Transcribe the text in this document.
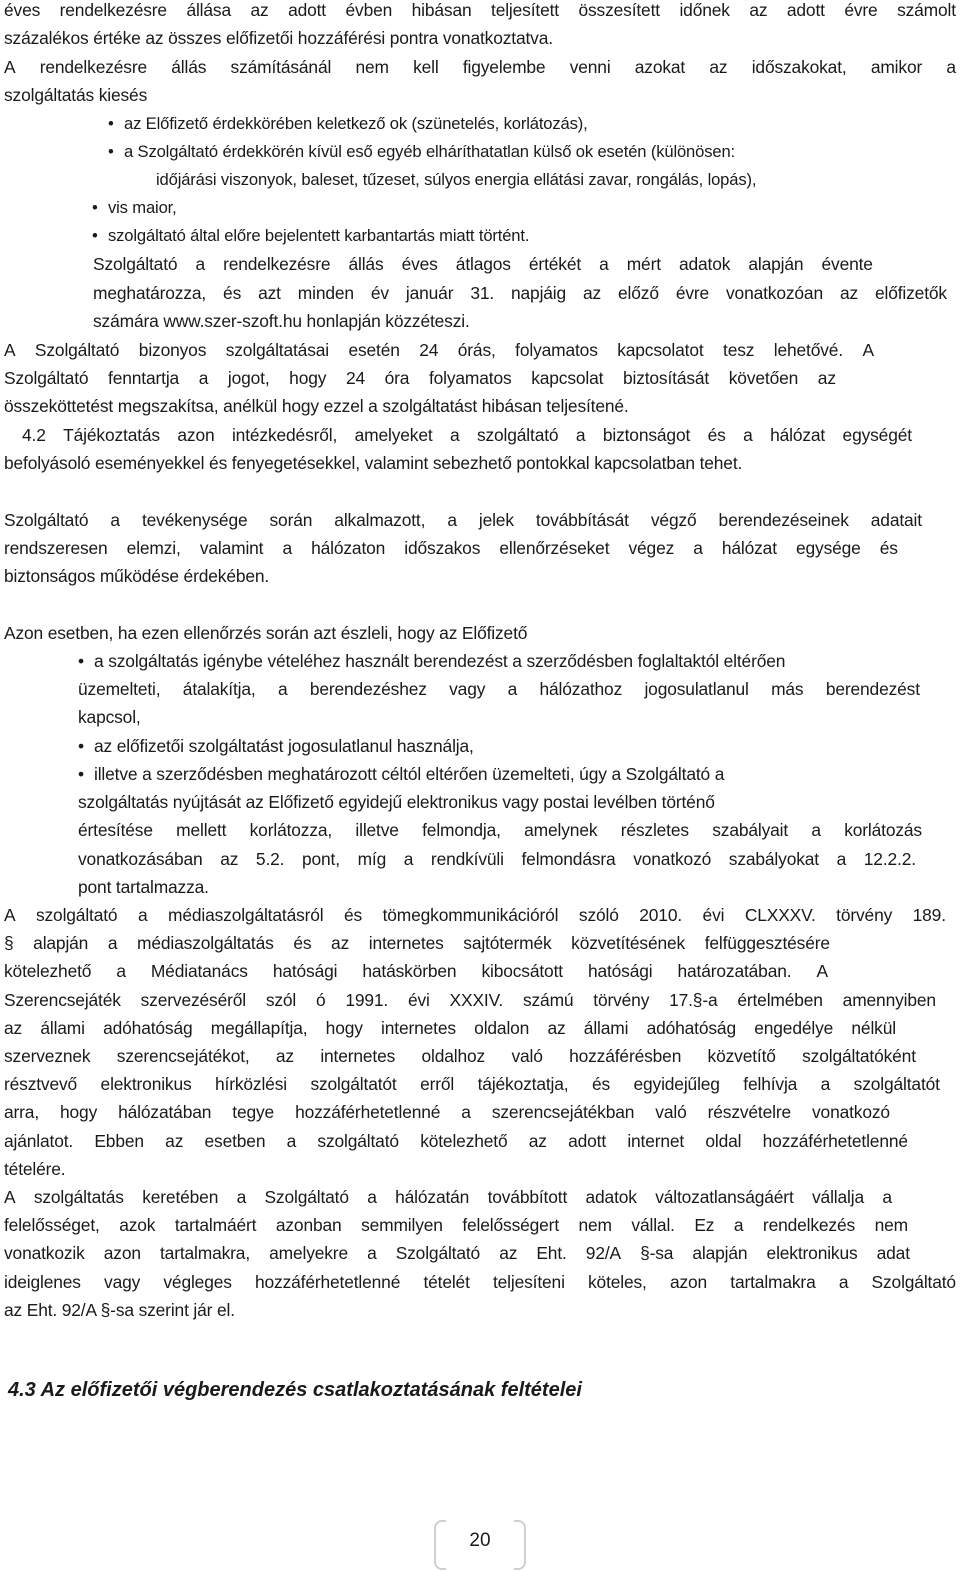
éves rendelkezésre állása az adott évben hibásan teljesített összesített időnek az adott évre számolt
százalékos értéke az összes előfizetői hozzáférési pontra vonatkoztatva.
A rendelkezésre állás számításánál nem kell figyelembe venni azokat az időszakokat, amikor a
szolgáltatás kiesés
• az Előfizető érdekkörében keletkező ok (szünetelés, korlátozás),
• a Szolgáltató érdekkörén kívül eső egyéb elháríthatatlan külső ok esetén (különösen:
időjárási viszonyok, baleset, tűzeset, súlyos energia ellátási zavar, rongálás, lopás),
• vis maior,
• szolgáltató által előre bejelentett karbantartás miatt történt.
Szolgáltató a rendelkezésre állás éves átlagos értékét a mért adatok alapján évente
meghatározza, és azt minden év január 31. napjáig az előző évre vonatkozóan az előfizetők
számára www.szer-szoft.hu honlapján közzéteszi.
A Szolgáltató bizonyos szolgáltatásai esetén 24 órás, folyamatos kapcsolatot tesz lehetővé. A
Szolgáltató fenntartja a jogot, hogy 24 óra folyamatos kapcsolat biztosítását követően az
összeköttetést megszakítsa, anélkül hogy ezzel a szolgáltatást hibásan teljesítené.
4.2 Tájékoztatás azon intézkedésről, amelyeket a szolgáltató a biztonságot és a hálózat egységét
befolyásoló eseményekkel és fenyegetésekkel, valamint sebezhető pontokkal kapcsolatban tehet.
Szolgáltató a tevékenysége során alkalmazott, a jelek továbbítását végző berendezéseinek adatait
rendszeresen elemzi, valamint a hálózaton időszakos ellenőrzéseket végez a hálózat egysége és
biztonságos működése érdekében.
Azon esetben, ha ezen ellenőrzés során azt észleli, hogy az Előfizető
• a szolgáltatás igénybe vételéhez használt berendezést a szerződésben foglaltaktól eltérően
üzemelteti, átalakítja, a berendezéshez vagy a hálózathoz jogosulatlanul más berendezést
kapcsol,
• az előfizetői szolgáltatást jogosulatlanul használja,
• illetve a szerződésben meghatározott céltól eltérően üzemelteti, úgy a Szolgáltató a
szolgáltatás nyújtását az Előfizető egyidejű elektronikus vagy postai levélben történő
értesítése mellett korlátozza, illetve felmondja, amelynek részletes szabályait a korlátozás
vonatkozásában az 5.2. pont, míg a rendkívüli felmondásra vonatkozó szabályokat a 12.2.2.
pont tartalmazza.
A szolgáltató a médiaszolgáltatásról és tömegkommunikációról szóló 2010. évi CLXXXV. törvény 189.
§ alapján a médiaszolgáltatás és az internetes sajtótermék közvetítésének felfüggesztésére
kötelezhető a Médiatanács hatósági hatáskörben kibocsátott hatósági határozatában. A
Szerencsejáték szervezéséről szól ó 1991. évi XXXIV. számú törvény 17.§-a értelmében amennyiben
az állami adóhatóság megállapítja, hogy internetes oldalon az állami adóhatóság engedélye nélkül
szerveznek szerencsejátékot, az internetes oldalhoz való hozzáférésben közvetítő szolgáltatóként
résztvevő elektronikus hírközlési szolgáltatót erről tájékoztatja, és egyidejűleg felhívja a szolgáltatót
arra, hogy hálózatában tegye hozzáférhetetlenné a szerencsejátékban való részvételre vonatkozó
ajánlatot. Ebben az esetben a szolgáltató kötelezhető az adott internet oldal hozzáférhetetlenné
tételére.
A szolgáltatás keretében a Szolgáltató a hálózatán továbbított adatok változatlanságáért vállalja a
felelősséget, azok tartalmáért azonban semmilyen felelősségert nem vállal. Ez a rendelkezés nem
vonatkozik azon tartalmakra, amelyekre a Szolgáltató az Eht. 92/A §-sa alapján elektronikus adat
ideiglenes vagy végleges hozzáférhetetlenné tételét teljesíteni köteles, azon tartalmakra a Szolgáltató
az Eht. 92/A §-sa szerint jár el.
4.3 Az előfizetői végberendezés csatlakoztatásának feltételei
20
